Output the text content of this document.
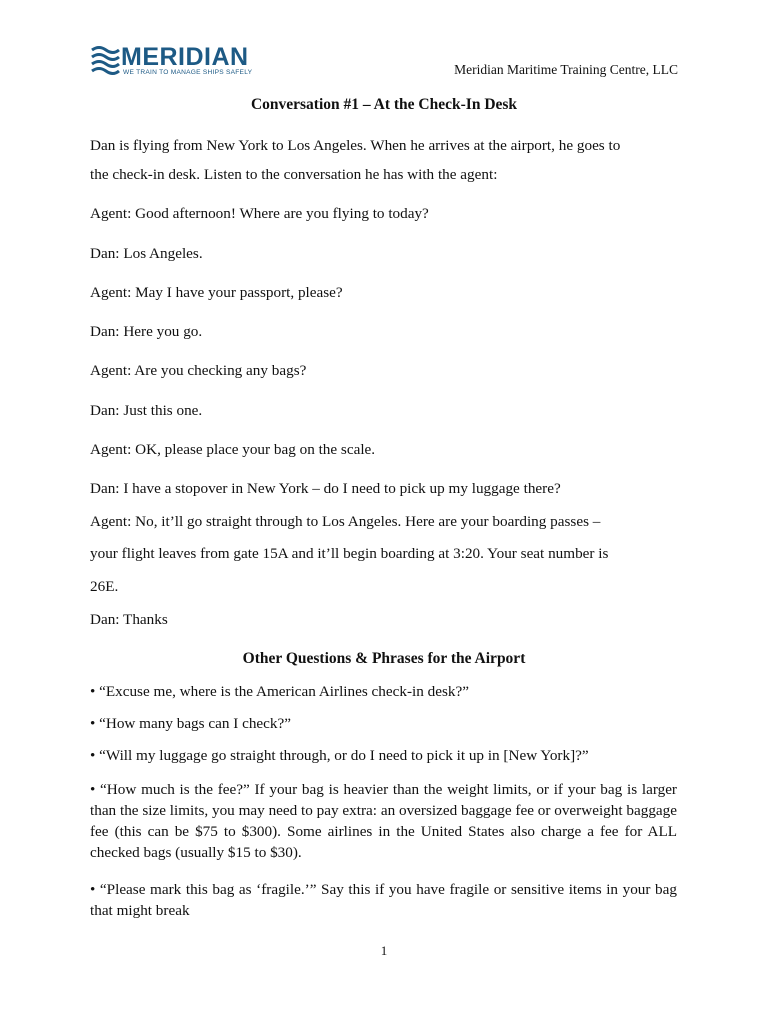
MERIDIAN
WE TRAIN TO MANAGE SHIPS SAFELY	Meridian Maritime Training Centre, LLC
Conversation #1 – At the Check-In Desk
Dan is flying from New York to Los Angeles. When he arrives at the airport, he goes to
the check-in desk. Listen to the conversation he has with the agent:
Agent: Good afternoon! Where are you flying to today?
Dan: Los Angeles.
Agent: May I have your passport, please?
Dan: Here you go.
Agent: Are you checking any bags?
Dan: Just this one.
Agent: OK, please place your bag on the scale.
Dan: I have a stopover in New York – do I need to pick up my luggage there?
Agent: No, it’ll go straight through to Los Angeles. Here are your boarding passes –
your flight leaves from gate 15A and it’ll begin boarding at 3:20. Your seat number is
26E.
Dan: Thanks
Other Questions & Phrases for the Airport
• “Excuse me, where is the American Airlines check-in desk?”
• “How many bags can I check?”
• “Will my luggage go straight through, or do I need to pick it up in [New York]?”
• “How much is the fee?” If your bag is heavier than the weight limits, or if your bag is larger than the size limits, you may need to pay extra: an oversized baggage fee or overweight baggage fee (this can be $75 to $300). Some airlines in the United States also charge a fee for ALL checked bags (usually $15 to $30).
• “Please mark this bag as ‘fragile.’” Say this if you have fragile or sensitive items in your bag that might break
1
